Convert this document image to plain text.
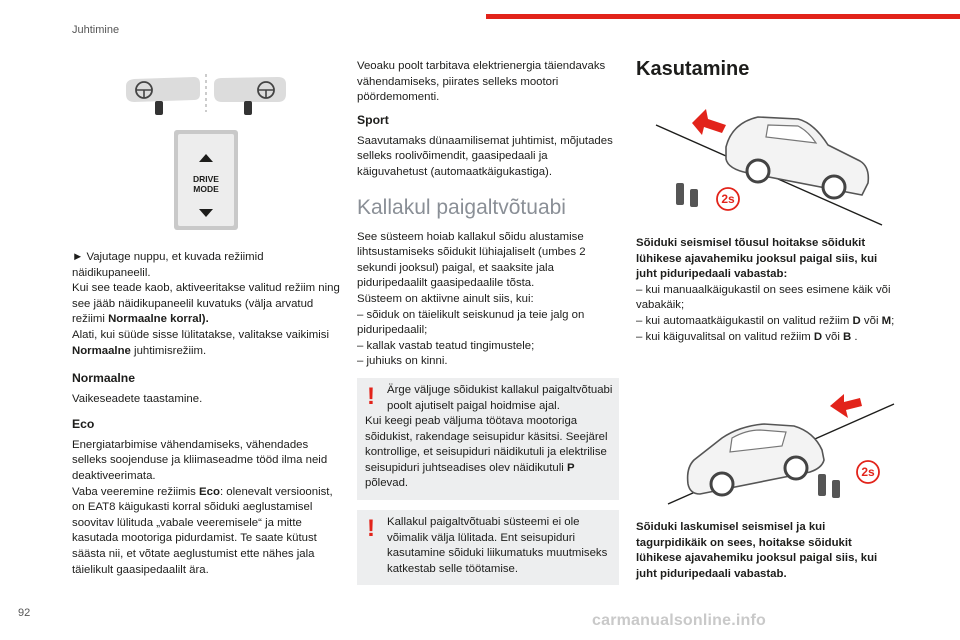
Juhtimine
DRIVE
MODE

► Vajutage nuppu, et kuvada režiimid näidikupaneelil.
Kui see teade kaob, aktiveeritakse valitud režiim ning see jääb näidikupaneelil kuvatuks (välja arvatud režiimi Normaalne korral).
Alati, kui süüde sisse lülitatakse, valitakse vaikimisi Normaalne juhtimisrežiim.

Normaalne

Vaikeseadete taastamine.

Eco

Energiatarbimise vähendamiseks, vähendades selleks soojenduse ja kliimaseadme tööd ilma neid deaktiveerimata.
Vaba veeremine režiimis Eco: olenevalt versioonist, on EAT8 käigukasti korral sõiduki aeglustamisel soovitav lülituda „vabale veeremisele“ ja mitte kasutada mootoriga pidurdamist. Te saate kütust säästa nii, et võtate aeglustumist ette nähes jala täielikult gaasipedaalilt ära.

Veoaku poolt tarbitava elektrienergia täiendavaks vähendamiseks, piirates selleks mootori pöördemomenti.

Sport

Saavutamaks dünaamilisemat juhtimist, mõjutades selleks roolivõimendit, gaasipedaali ja käiguvahetust (automaatkäigukastiga).

Kallakul paigaltvõtuabi

See süsteem hoiab kallakul sõidu alustamise lihtsustamiseks sõidukit lühiajaliselt (umbes 2 sekundi jooksul) paigal, et saaksite jala piduripedaalilt gaasipedaalile tõsta.
Süsteem on aktiivne ainult siis, kui:
– sõiduk on täielikult seiskunud ja teie jalg on piduripedaalil;
– kallak vastab teatud tingimustele;
– juhiuks on kinni.

!	Ärge väljuge sõidukist kallakul paigaltvõtuabi poolt ajutiselt paigal hoidmise ajal.
Kui keegi peab väljuma töötava mootoriga sõidukist, rakendage seisupidur käsitsi. Seejärel kontrollige, et seisupiduri näidikutuli ja elektrilise seisupiduri juhtseadises olev näidikutuli P põlevad.

!	Kallakul paigaltvõtuabi süsteemi ei ole võimalik välja lülitada. Ent seisupiduri kasutamine sõiduki liikumatuks muutmiseks katkestab selle töötamise.

Kasutamine
2s

Sõiduki seismisel tõusul hoitakse sõidukit lühikese ajavahemiku jooksul paigal siis, kui juht piduripedaali vabastab:

– kui manuaalkäigukastil on sees esimene käik või vabakäik;
– kui automaatkäigukastil on valitud režiim D või M;
– kui käiguvalitsal on valitud režiim D või B .

2s

Sõiduki laskumisel seismisel ja kui tagurpidikäik on sees, hoitakse sõidukit lühikese ajavahemiku jooksul paigal siis, kui juht piduripedaali vabastab.

92	carmanualsonline.info
